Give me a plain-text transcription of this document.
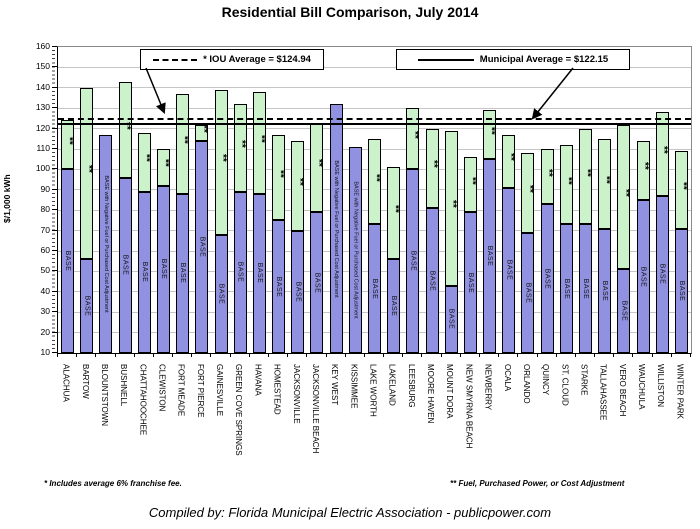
Residential Bill Comparison, July 2014
$/1,000 kWh
BASE
**
BASE
**
BASE with Negative Fuel or Purchased Cost Adjustment BASE
**
BASE
**
BASE
**
BASE
**
BASE
**
BASE
**
BASE
**
BASE
**
BASE
**
BASE
**
BASE
** BASE with Negative Fuel or Purchased Cost Adjustment BASE with Negative Fuel or Purchased Cost Adjustment BASE
**
BASE
**
BASE
**
BASE
**
BASE
**
BASE
**
BASE
**
BASE
**
BASE
**
BASE
**
BASE
**
BASE
**
BASE
**
BASE
**
BASE
**
BASE
**
BASE
**
10
20
30
40
50
60
70
80
90
100
110
120
130
140
150
160
ALACHUA BARTOW BLOUNTSTOWN BUSHNELL CHATTAHOOCHEE CLEWISTON FORT MEADE FORT PIERCE GAINESVILLE GREEN COVE SPRINGS HAVANA HOMESTEAD JACKSONVILLE JACKSONVILLE BEACH KEY WEST KISSIMMEE LAKE WORTH LAKELAND LEESBURG MOORE HAVEN MOUNT DORA NEW SMYRNA BEACH NEWBERRY OCALA ORLANDO QUINCY ST. CLOUD STARKE TALLAHASSEE VERO BEACH WAUCHULA WILLISTON WINTER PARK
* IOU Average = $124.94	Municipal Average = $122.15
* Includes average 6% franchise fee.	** Fuel, Purchased Power, or Cost Adjustment
Compiled by: Florida Municipal Electric Association - publicpower.com
